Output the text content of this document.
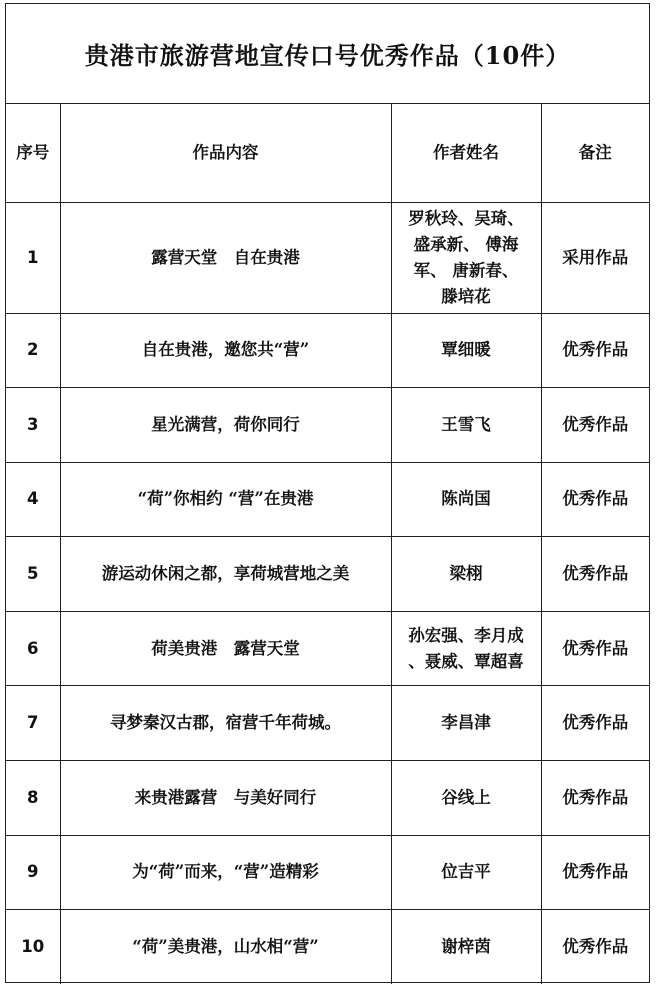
贵港市旅游营地宣传口号优秀作品（10件）
序号	作品内容	作者姓名	备注
1	露营天堂　自在贵港	罗秋玲、吴琦、
盛承新、 傅海
军、 唐新春、
滕培花	采用作品
2	自在贵港，邀您共“营”	覃细暖	优秀作品
3	星光满营，荷你同行	王雪飞	优秀作品
4	“荷”你相约 “营”在贵港	陈尚国	优秀作品
5	游运动休闲之都，享荷城营地之美	梁栩	优秀作品
6	荷美贵港　露营天堂	孙宏强、李月成
、聂威、覃超喜	优秀作品
7	寻梦秦汉古郡，宿营千年荷城。	李昌津	优秀作品
8	来贵港露营　与美好同行	谷线上	优秀作品
9	为“荷”而来，“营”造精彩	位吉平	优秀作品
10	“荷”美贵港，山水相“营”	谢梓茵	优秀作品
